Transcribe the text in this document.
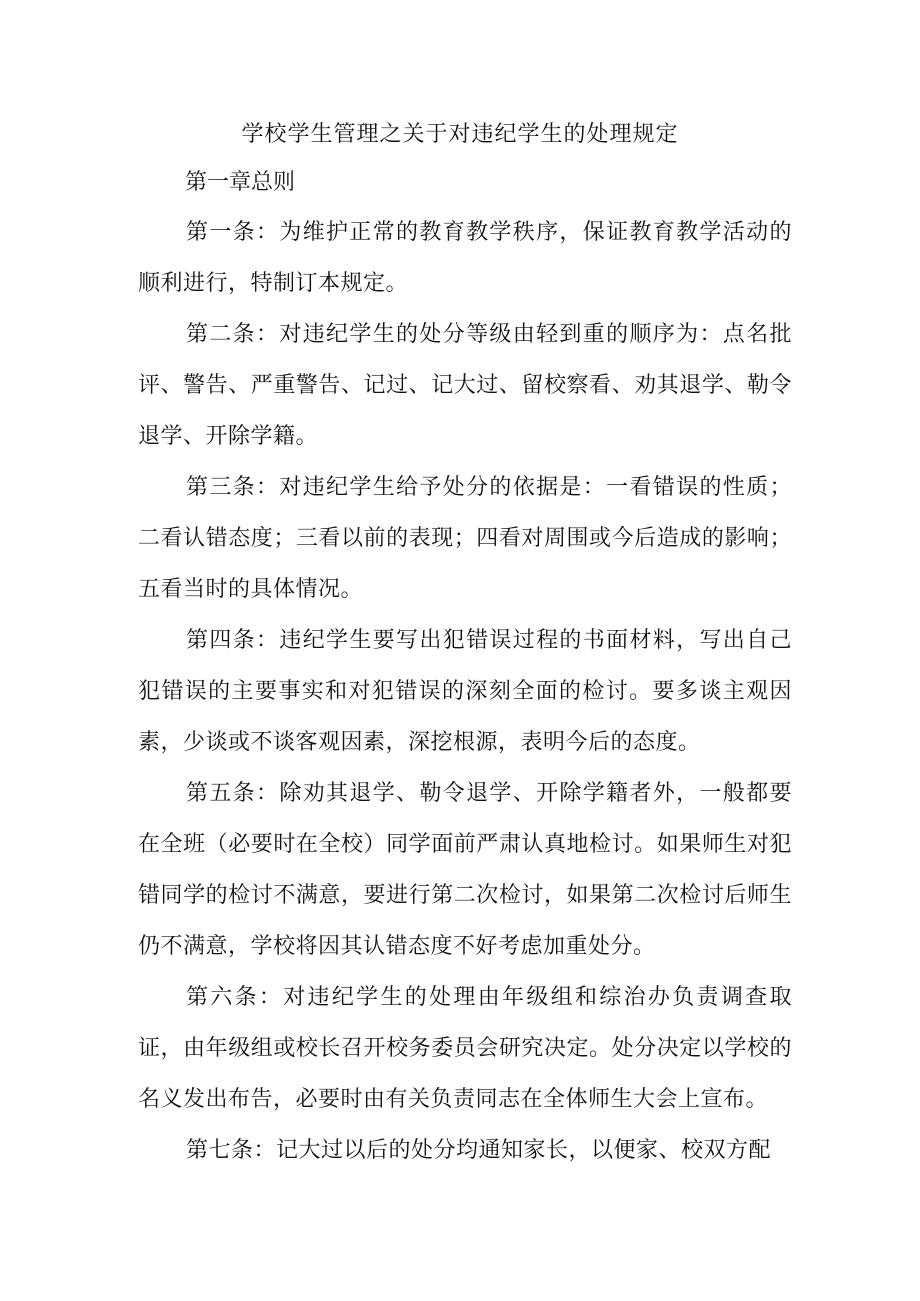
学校学生管理之关于对违纪学生的处理规定
第一章总则

第一条：为维护正常的教育教学秩序，保证教育教学活动的顺利进行，特制订本规定。

第二条：对违纪学生的处分等级由轻到重的顺序为：点名批评、警告、严重警告、记过、记大过、留校察看、劝其退学、勒令退学、开除学籍。

第三条：对违纪学生给予处分的依据是：一看错误的性质；二看认错态度；三看以前的表现；四看对周围或今后造成的影响；五看当时的具体情况。

第四条：违纪学生要写出犯错误过程的书面材料，写出自己犯错误的主要事实和对犯错误的深刻全面的检讨。要多谈主观因素，少谈或不谈客观因素，深挖根源，表明今后的态度。

第五条：除劝其退学、勒令退学、开除学籍者外，一般都要在全班（必要时在全校）同学面前严肃认真地检讨。如果师生对犯错同学的检讨不满意，要进行第二次检讨，如果第二次检讨后师生仍不满意，学校将因其认错态度不好考虑加重处分。

第六条：对违纪学生的处理由年级组和综治办负责调查取证，由年级组或校长召开校务委员会研究决定。处分决定以学校的名义发出布告，必要时由有关负责同志在全体师生大会上宣布。

第七条：记大过以后的处分均通知家长，以便家、校双方配
